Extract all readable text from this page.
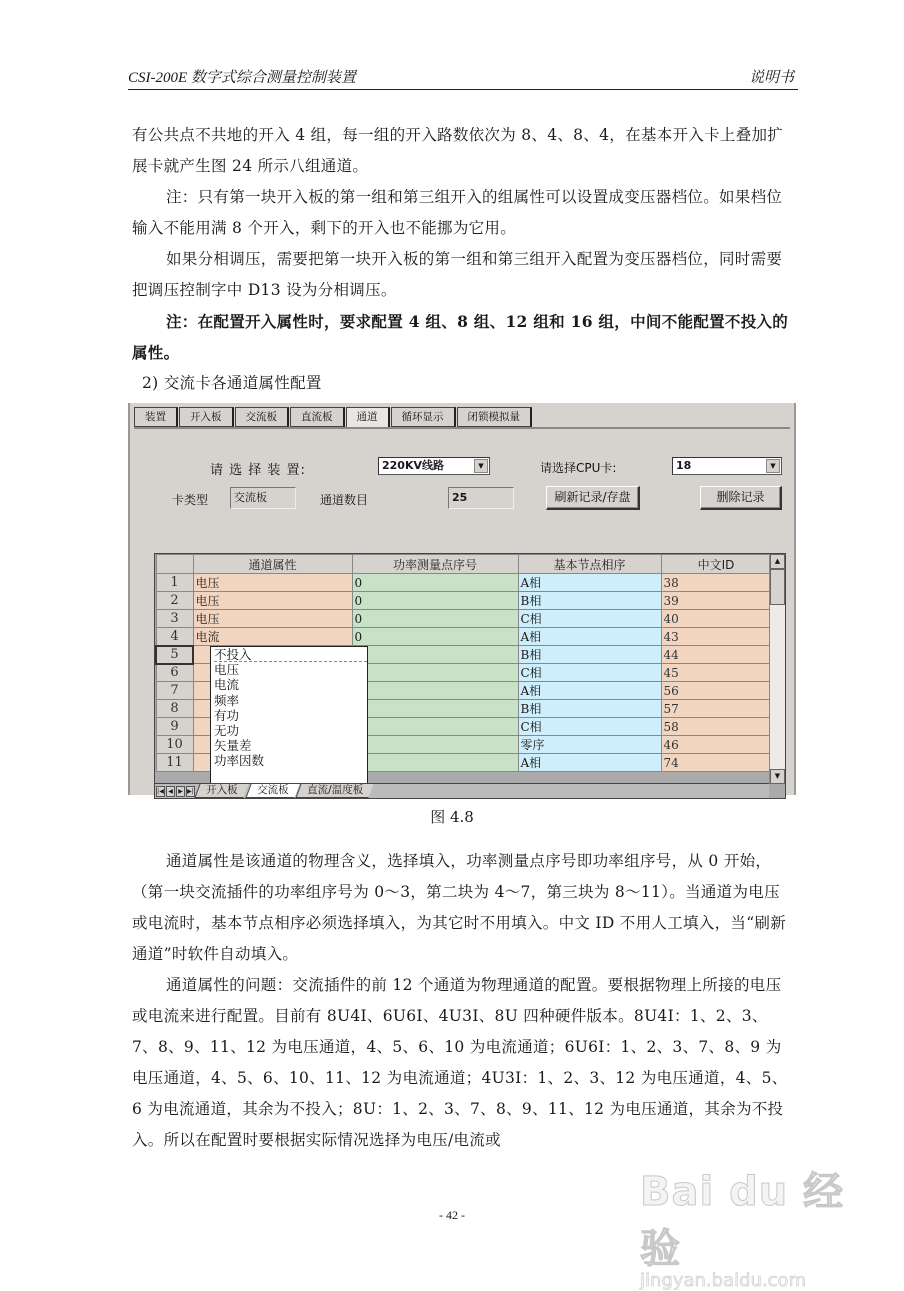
CSI-200E 数字式综合测量控制装置	说明书
有公共点不共地的开入 4 组，每一组的开入路数依次为 8、4、8、4，在基本开入卡上叠加扩展卡就产生图 24 所示八组通道。
注：只有第一块开入板的第一组和第三组开入的组属性可以设置成变压器档位。如果档位输入不能用满 8 个开入，剩下的开入也不能挪为它用。
如果分相调压，需要把第一块开入板的第一组和第三组开入配置为变压器档位，同时需要把调压控制字中 D13 设为分相调压。
注：在配置开入属性时，要求配置 4 组、8 组、12 组和 16 组，中间不能配置不投入的属性。
2) 交流卡各通道属性配置
装置	开入板	交流板	直流板	通道	循环显示	闭锁模拟量
请 选 择 装 置:	220KV线路	▼	请选择CPU卡:	18	▼
卡类型	交流板	通道数目	25	刷新记录/存盘	删除记录
	通道属性	功率测量点序号	基本节点相序	中文ID
1	电压	0	A相	38
2	电压	0	B相	39
3	电压	0	C相	40
4	电流	0	A相	43
5			B相	44
6			C相	45
7			A相	56
8			B相	57
9			C相	58
10			零序	46
11			A相	74
▲
▼
不投入
电压
电流
频率
有功
无功
矢量差
功率因数
|◀ ◀ ▶ ▶|	开入板	交流板	直流/温度板
图 4.8
通道属性是该通道的物理含义，选择填入，功率测量点序号即功率组序号，从 0 开始，（第一块交流插件的功率组序号为 0～3，第二块为 4～7，第三块为 8～11）。当通道为电压或电流时，基本节点相序必须选择填入，为其它时不用填入。中文 ID 不用人工填入，当“刷新通道”时软件自动填入。
通道属性的问题：交流插件的前 12 个通道为物理通道的配置。要根据物理上所接的电压或电流来进行配置。目前有 8U4I、6U6I、4U3I、8U 四种硬件版本。8U4I：1、2、3、7、8、9、11、12 为电压通道，4、5、6、10 为电流通道；6U6I：1、2、3、7、8、9 为电压通道，4、5、6、10、11、12 为电流通道；4U3I：1、2、3、12 为电压通道，4、5、6 为电流通道，其余为不投入；8U：1、2、3、7、8、9、11、12 为电压通道，其余为不投入。所以在配置时要根据实际情况选择为电压/电流或
- 42 -	Bai du 经验
jingyan.baidu.com
